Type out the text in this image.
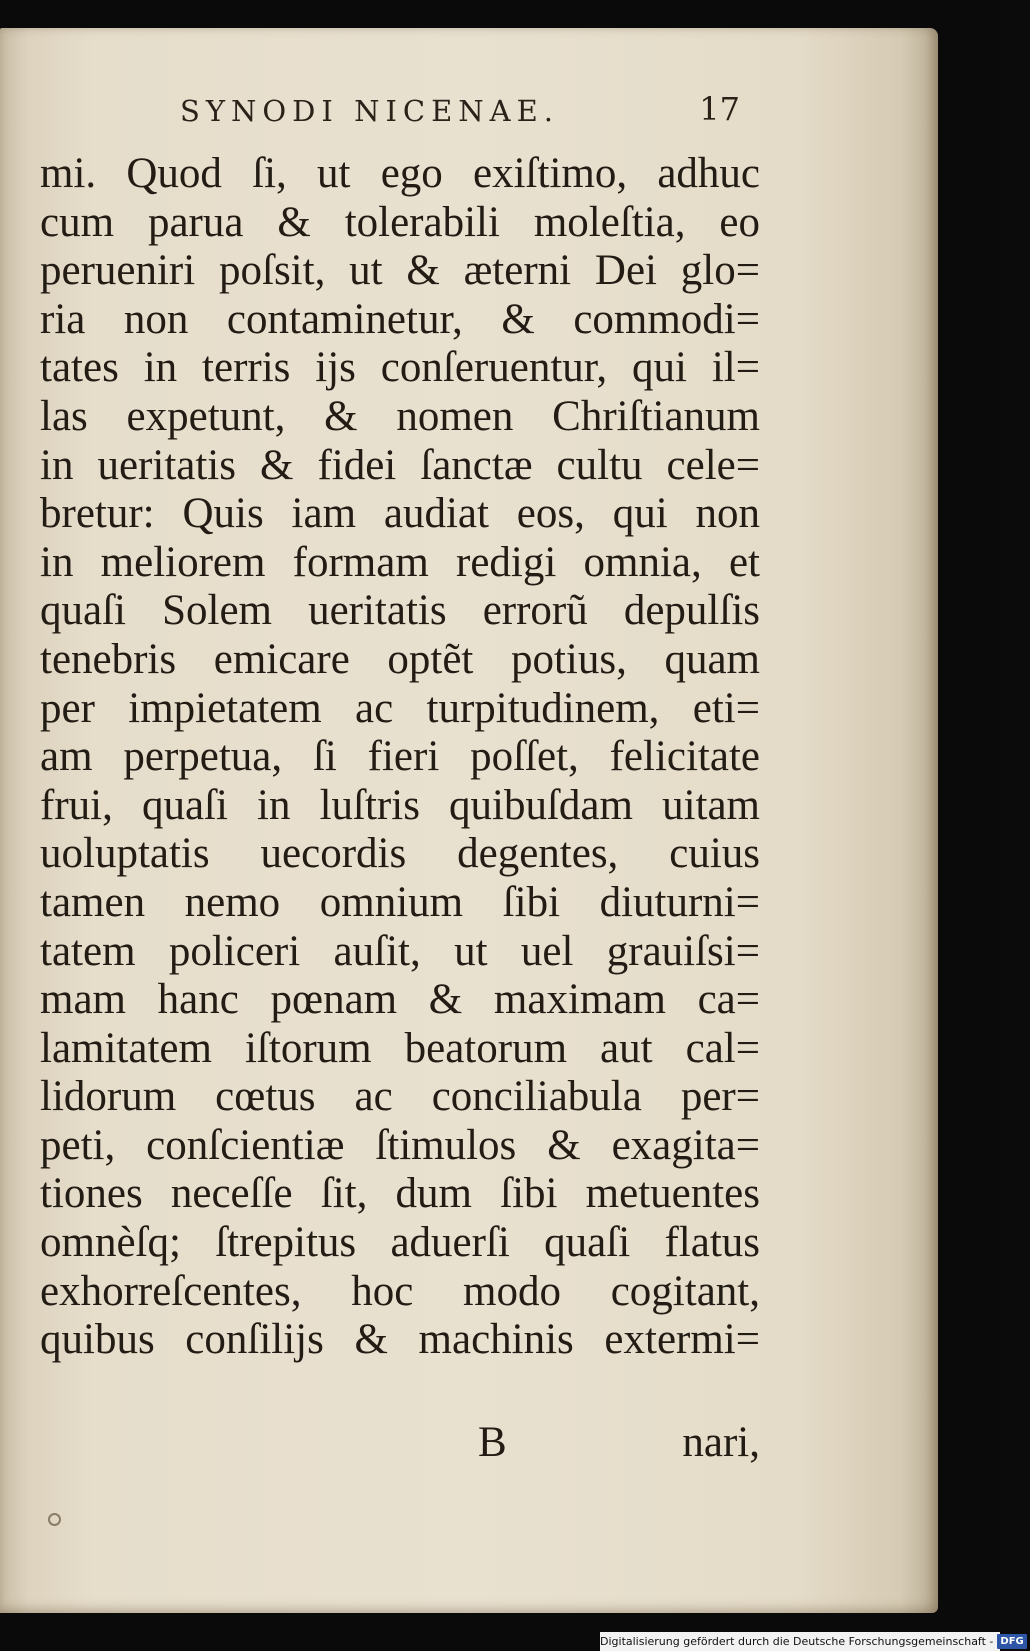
SYNODI NICENAE.	17
mi. Quod ſi, ut ego exiſtimo, adhuc
cum parua & tolerabili moleſtia, eo
perueniri poſsit, ut & æterni Dei glo=
ria non contaminetur, & commodi=
tates in terris ijs conſeruentur, qui il=
las expetunt, & nomen Chriſtianum
in ueritatis & fidei ſanctæ cultu cele=
bretur: Quis iam audiat eos, qui non
in meliorem formam redigi omnia, et
quaſi Solem ueritatis errorũ depulſis
tenebris emicare optẽt potius, quam
per impietatem ac turpitudinem, eti=
am perpetua, ſi fieri poſſet, felicitate
frui, quaſi in luſtris quibuſdam uitam
uoluptatis uecordis degentes, cuius
tamen nemo omnium ſibi diuturni=
tatem policeri auſit, ut uel grauiſsi=
mam hanc pœnam & maximam ca=
lamitatem iſtorum beatorum aut cal=
lidorum cœtus ac conciliabula per=
peti, conſcientiæ ſtimulos & exagita=
tiones neceſſe ſit, dum ſibi metuentes
omnèſq; ſtrepitus aduerſi quaſi flatus
exhorreſcentes, hoc modo cogitant,
quibus conſilijs & machinis extermi=
B	nari,
Digitalisierung gefördert durch die Deutsche Forschungsgemeinschaft - DFG
